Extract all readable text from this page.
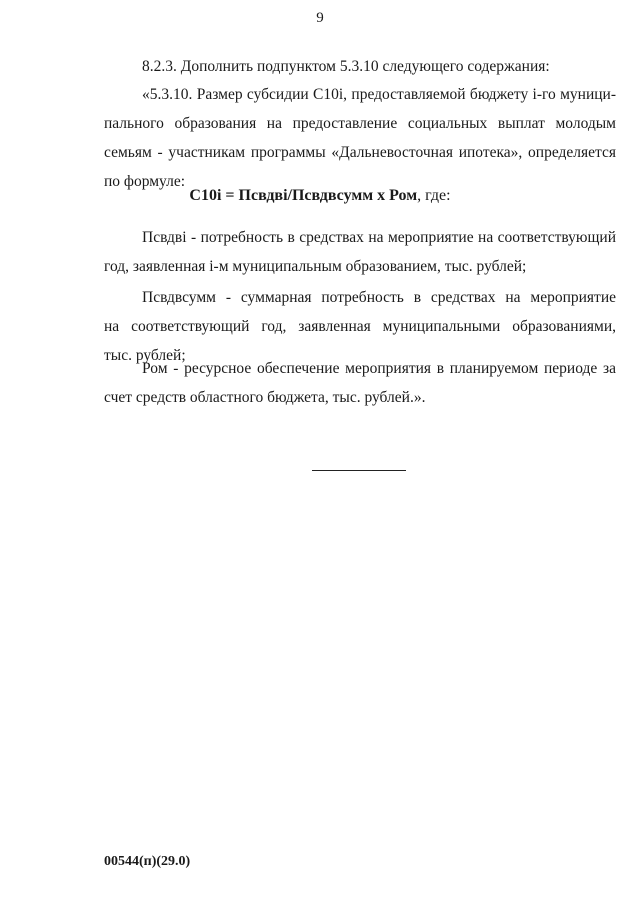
9
8.2.3. Дополнить подпунктом 5.3.10 следующего содержания:
«5.3.10. Размер субсидии C10i, предоставляемой бюджету i-го муници-
пального образования на предоставление социальных выплат молодым
семьям - участникам программы «Дальневосточная ипотека», определяется
по формуле:
C10i = Псвдвi/Псвдвсумм x Ром, где:
Псвдвi - потребность в средствах на мероприятие на соответствующий
год, заявленная i-м муниципальным образованием, тыс. рублей;
Псвдвсумм - суммарная потребность в средствах на мероприятие
на соответствующий год, заявленная муниципальными образованиями,
тыс. рублей;
Ром - ресурсное обеспечение мероприятия в планируемом периоде за
счет средств областного бюджета, тыс. рублей.».
00544(п)(29.0)
